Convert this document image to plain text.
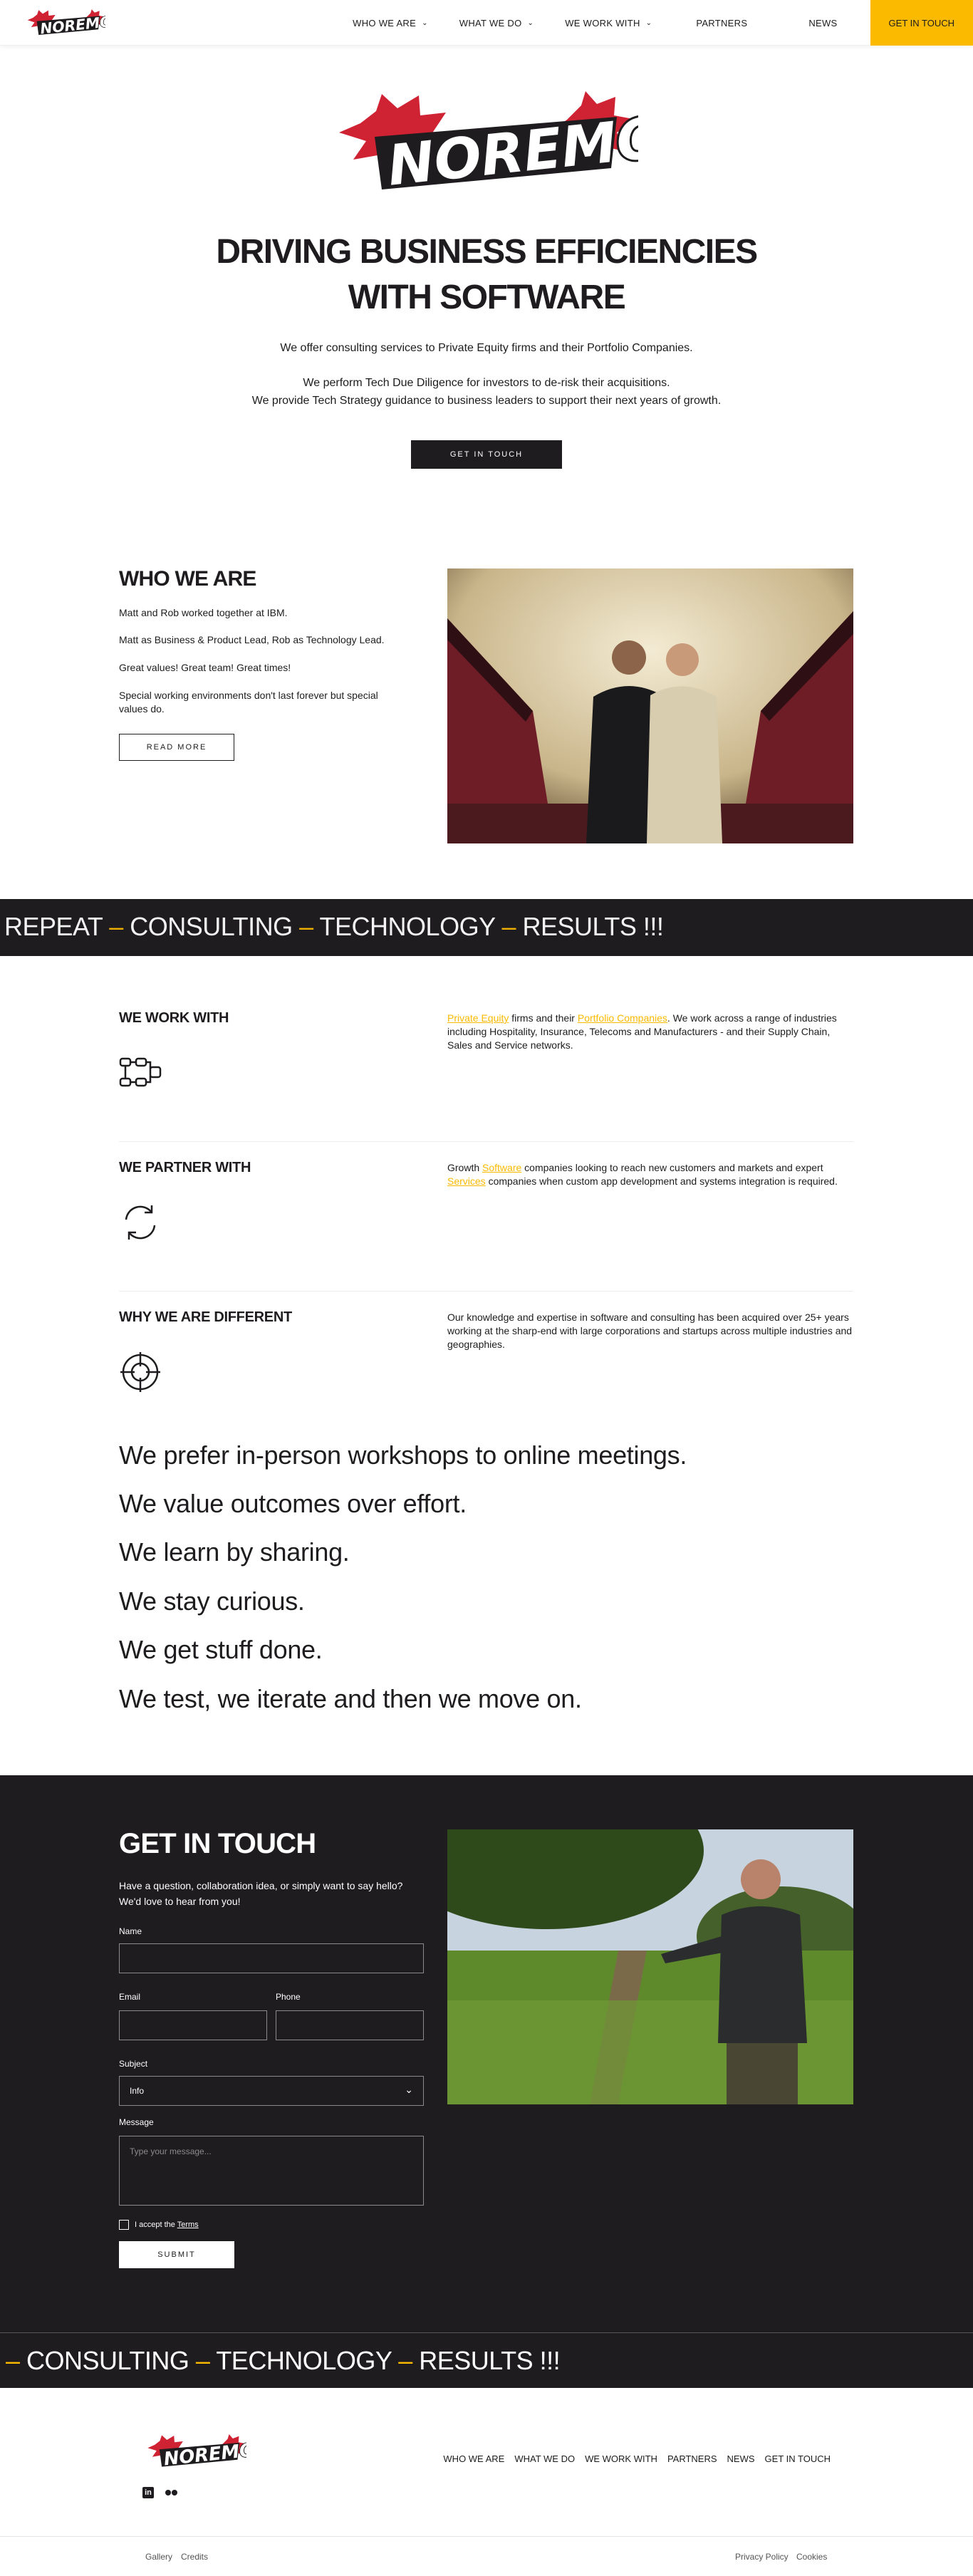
WHO WE ARE ⌄	WHAT WE DO ⌄	WE WORK WITH ⌄	PARTNERS	NEWS	GET IN TOUCH
DRIVING BUSINESS EFFICIENCIES
WITH SOFTWARE
We offer consulting services to Private Equity firms and their Portfolio Companies.
We perform Tech Due Diligence for investors to de-risk their acquisitions.
We provide Tech Strategy guidance to business leaders to support their next years of growth.
GET IN TOUCH
WHO WE ARE
Matt and Rob worked together at IBM.
Matt as Business & Product Lead, Rob as Technology Lead.
Great values! Great team! Great times!
Special working environments don't last forever but special values do.
READ MORE
REPEAT – CONSULTING – TECHNOLOGY – RESULTS !!!
WE WORK WITH	Private Equity firms and their Portfolio Companies. We work across a range of industries including Hospitality, Insurance, Telecoms and Manufacturers - and their Supply Chain, Sales and Service networks.
WE PARTNER WITH	Growth Software companies looking to reach new customers and markets and expert Services companies when custom app development and systems integration is required.
WHY WE ARE DIFFERENT	Our knowledge and expertise in software and consulting has been acquired over 25+ years working at the sharp-end with large corporations and startups across multiple industries and geographies.
We prefer in-person workshops to online meetings.
We value outcomes over effort.
We learn by sharing.
We stay curious.
We get stuff done.
We test, we iterate and then we move on.
GET IN TOUCH
Have a question, collaboration idea, or simply want to say hello? We'd love to hear from you!
Name
Email	Phone
Subject
Info	⌄
Message
Type your message...
I accept the Terms
SUBMIT
– CONSULTING – TECHNOLOGY – RESULTS !!!
WHO WE ARE WHAT WE DO WE WORK WITH PARTNERS NEWS GET IN TOUCH
in
Gallery Credits	Privacy Policy Cookies
